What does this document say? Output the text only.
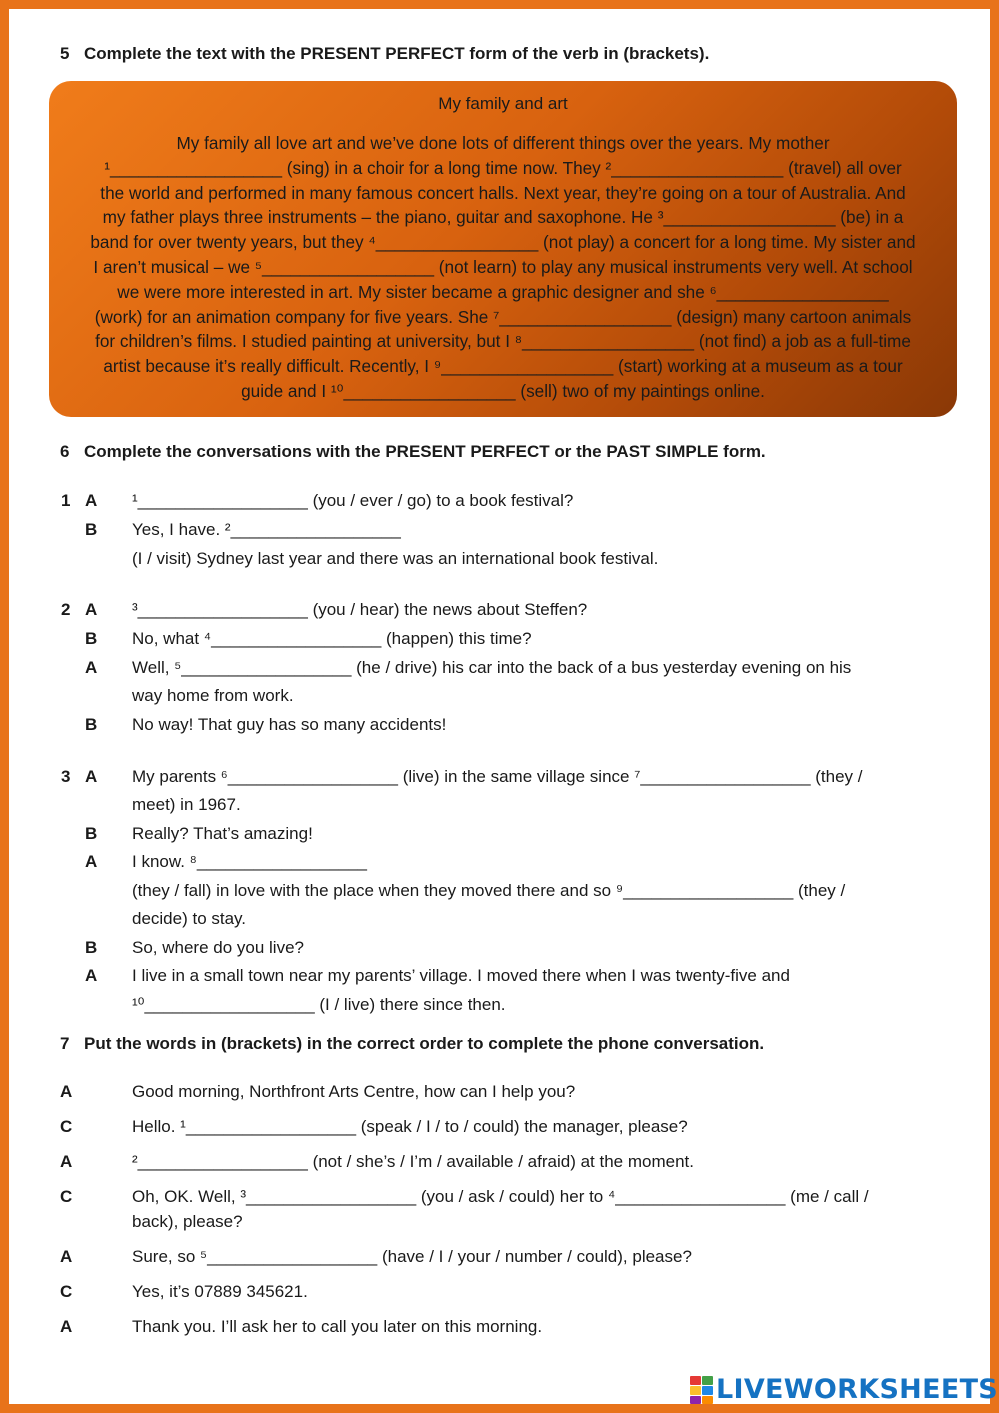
5 Complete the text with the PRESENT PERFECT form of the verb in (brackets).
My family and art
My family all love art and we’ve done lots of different things over the years. My mother
¹__________________ (sing) in a choir for a long time now. They ²__________________ (travel) all over
the world and performed in many famous concert halls. Next year, they’re going on a tour of Australia. And
my father plays three instruments – the piano, guitar and saxophone. He ³__________________ (be) in a
band for over twenty years, but they ⁴_________________ (not play) a concert for a long time. My sister and
I aren’t musical – we ⁵__________________ (not learn) to play any musical instruments very well. At school
we were more interested in art. My sister became a graphic designer and she ⁶__________________
(work) for an animation company for five years. She ⁷__________________ (design) many cartoon animals
for children’s films. I studied painting at university, but I ⁸__________________ (not find) a job as a full-time
artist because it’s really difficult. Recently, I ⁹__________________ (start) working at a museum as a tour
guide and I ¹⁰__________________ (sell) two of my paintings online.
6 Complete the conversations with the PRESENT PERFECT or the PAST SIMPLE form.
1 A ¹__________________ (you / ever / go) to a book festival?
B Yes, I have. ²__________________
(I / visit) Sydney last year and there was an international book festival.
2 A ³__________________ (you / hear) the news about Steffen?
B No, what ⁴__________________ (happen) this time?
A Well, ⁵__________________ (he / drive) his car into the back of a bus yesterday evening on his
way home from work.
B No way! That guy has so many accidents!
3 A My parents ⁶__________________ (live) in the same village since ⁷__________________ (they /
meet) in 1967.
B Really? That’s amazing!
A I know. ⁸__________________
(they / fall) in love with the place when they moved there and so ⁹__________________ (they /
decide) to stay.
B So, where do you live?
A I live in a small town near my parents’ village. I moved there when I was twenty-five and
¹⁰__________________ (I / live) there since then.
7 Put the words in (brackets) in the correct order to complete the phone conversation.
A	Good morning, Northfront Arts Centre, how can I help you?
C	Hello. ¹__________________ (speak / I / to / could) the manager, please?
A	²__________________ (not / she’s / I’m / available / afraid) at the moment.
C	Oh, OK. Well, ³__________________ (you / ask / could) her to ⁴__________________ (me / call /
back), please?
A	Sure, so ⁵__________________ (have / I / your / number / could), please?
C	Yes, it’s 07889 345621.
A	Thank you. I’ll ask her to call you later on this morning.
LIVEWORKSHEETS
